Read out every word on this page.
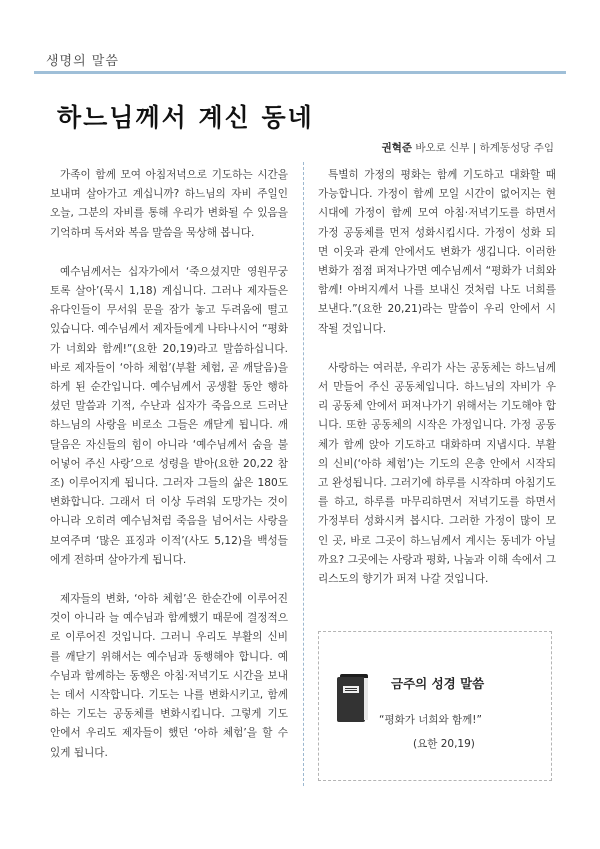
생명의 말씀
하느님께서 계신 동네
권혁준 바오로 신부 | 하계동성당 주임

가족이 함께 모여 아침저녁으로 기도하는 시간을 보내며 살아가고 계십니까? 하느님의 자비 주일인 오늘, 그분의 자비를 통해 우리가 변화될 수 있음을 기억하며 독서와 복음 말씀을 묵상해 봅니다.

예수님께서는 십자가에서 ‘죽으셨지만 영원무궁토록 살아’(묵시 1,18) 계십니다. 그러나 제자들은 유다인들이 무서워 문을 잠가 놓고 두려움에 떨고 있습니다. 예수님께서 제자들에게 나타나시어 “평화가 너희와 함께!”(요한 20,19)라고 말씀하십니다. 바로 제자들이 ‘아하 체험’(부활 체험, 곧 깨달음)을 하게 된 순간입니다. 예수님께서 공생활 동안 행하셨던 말씀과 기적, 수난과 십자가 죽음으로 드러난 하느님의 사랑을 비로소 그들은 깨닫게 됩니다. 깨달음은 자신들의 힘이 아니라 ‘예수님께서 숨을 불어넣어 주신 사랑’으로 성령을 받아(요한 20,22 참조) 이루어지게 됩니다. 그러자 그들의 삶은 180도 변화합니다. 그래서 더 이상 두려워 도망가는 것이 아니라 오히려 예수님처럼 죽음을 넘어서는 사랑을 보여주며 ‘많은 표징과 이적’(사도 5,12)을 백성들에게 전하며 살아가게 됩니다.

제자들의 변화, ‘아하 체험’은 한순간에 이루어진 것이 아니라 늘 예수님과 함께했기 때문에 결정적으로 이루어진 것입니다. 그러니 우리도 부활의 신비를 깨닫기 위해서는 예수님과 동행해야 합니다. 예수님과 함께하는 동행은 아침·저녁기도 시간을 보내는 데서 시작합니다. 기도는 나를 변화시키고, 함께하는 기도는 공동체를 변화시킵니다. 그렇게 기도 안에서 우리도 제자들이 했던 ‘아하 체험’을 할 수 있게 됩니다.

특별히 가정의 평화는 함께 기도하고 대화할 때 가능합니다. 가정이 함께 모일 시간이 없어지는 현시대에 가정이 함께 모여 아침·저녁기도를 하면서 가정 공동체를 먼저 성화시킵시다. 가정이 성화 되면 이웃과 관계 안에서도 변화가 생깁니다. 이러한 변화가 점점 퍼져나가면 예수님께서 “평화가 너희와 함께! 아버지께서 나를 보내신 것처럼 나도 너희를 보낸다.”(요한 20,21)라는 말씀이 우리 안에서 시작될 것입니다.

사랑하는 여러분, 우리가 사는 공동체는 하느님께서 만들어 주신 공동체입니다. 하느님의 자비가 우리 공동체 안에서 퍼져나가기 위해서는 기도해야 합니다. 또한 공동체의 시작은 가정입니다. 가정 공동체가 함께 앉아 기도하고 대화하며 지냅시다. 부활의 신비(‘아하 체험’)는 기도의 은총 안에서 시작되고 완성됩니다. 그러기에 하루를 시작하며 아침기도를 하고, 하루를 마무리하면서 저녁기도를 하면서 가정부터 성화시켜 봅시다. 그러한 가정이 많이 모인 곳, 바로 그곳이 하느님께서 계시는 동네가 아닐까요? 그곳에는 사랑과 평화, 나눔과 이해 속에서 그리스도의 향기가 퍼져 나갈 것입니다.

금주의 성경 말씀
“평화가 너희와 함께!”
(요한 20,19)
